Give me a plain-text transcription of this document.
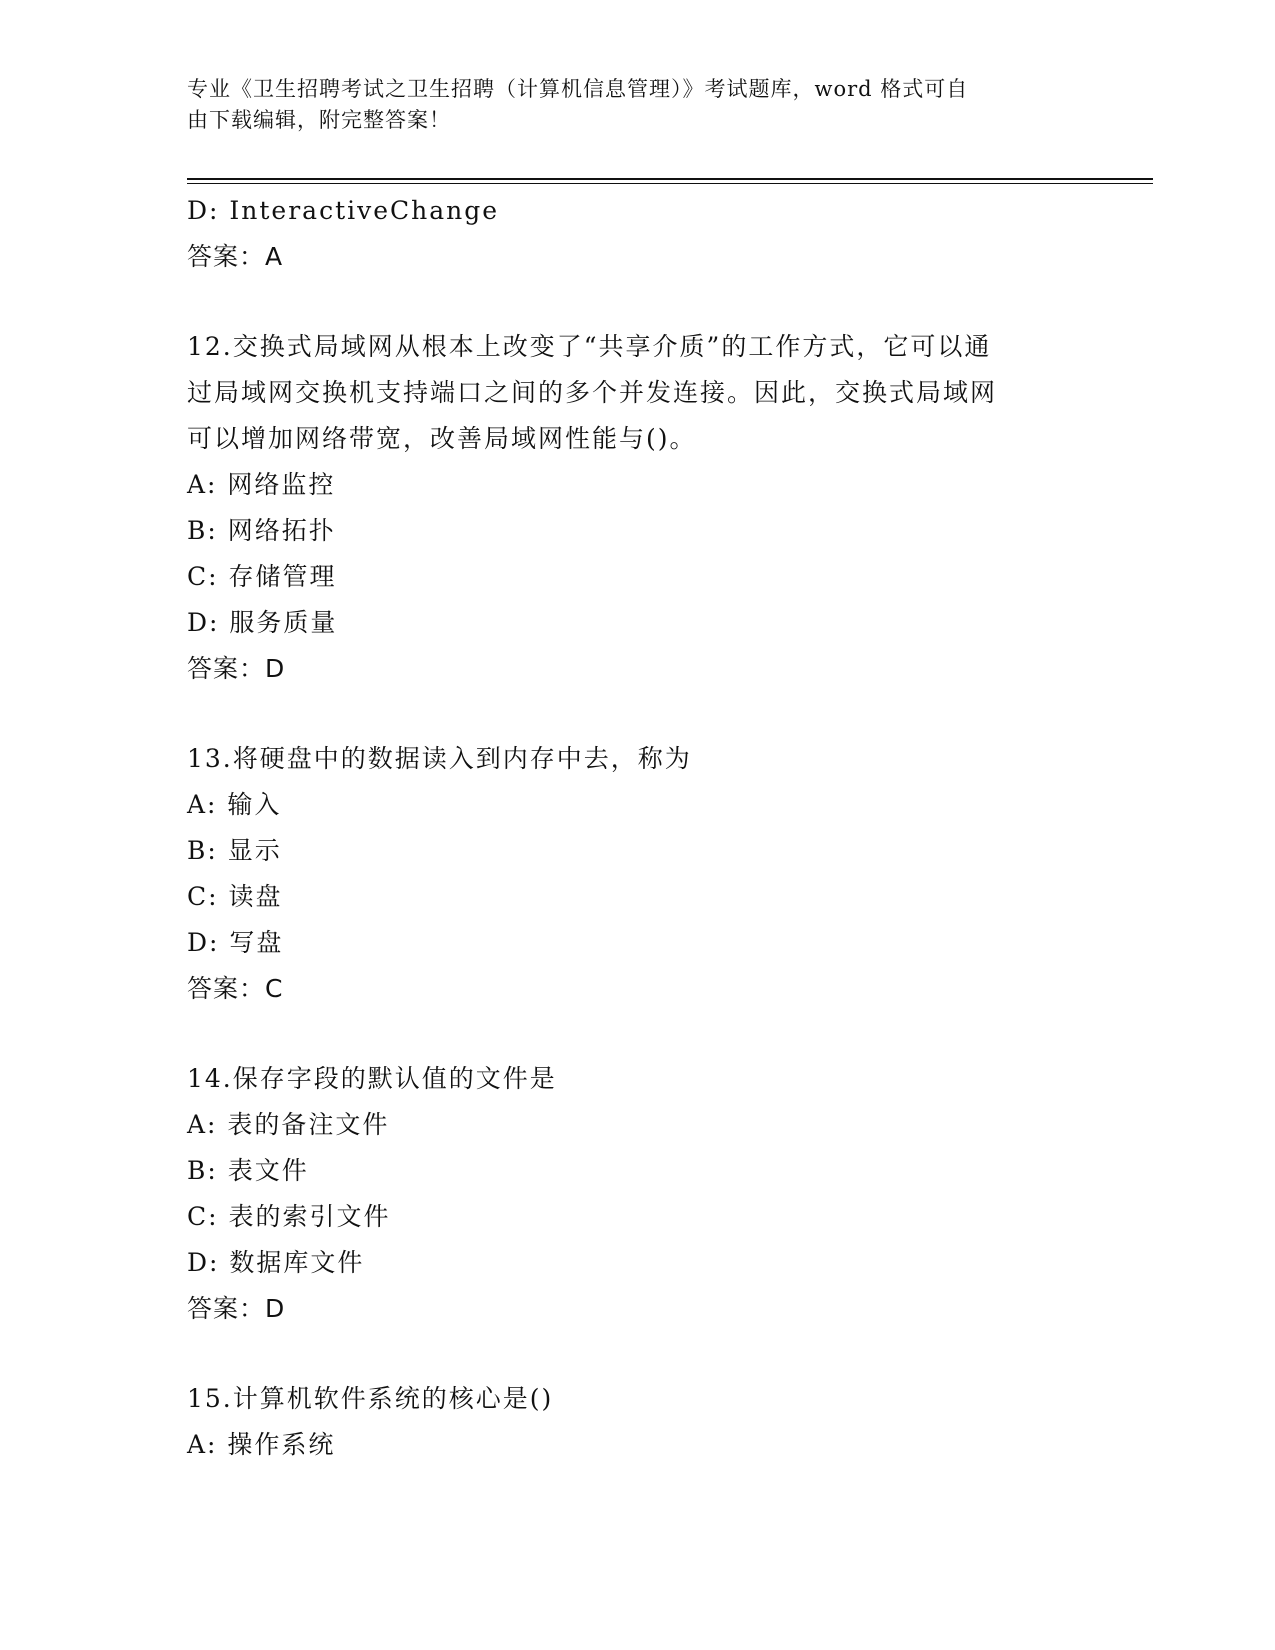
专业《卫生招聘考试之卫生招聘（计算机信息管理）》考试题库，word 格式可自
由下载编辑，附完整答案！
D: InteractiveChange
答案：A
12.交换式局域网从根本上改变了“共享介质”的工作方式，它可以通
过局域网交换机支持端口之间的多个并发连接。因此，交换式局域网
可以增加网络带宽，改善局域网性能与()。
A: 网络监控
B: 网络拓扑
C: 存储管理
D: 服务质量
答案：D
13.将硬盘中的数据读入到内存中去，称为
A: 输入
B: 显示
C: 读盘
D: 写盘
答案：C
14.保存字段的默认值的文件是
A: 表的备注文件
B: 表文件
C: 表的索引文件
D: 数据库文件
答案：D
15.计算机软件系统的核心是()
A: 操作系统
